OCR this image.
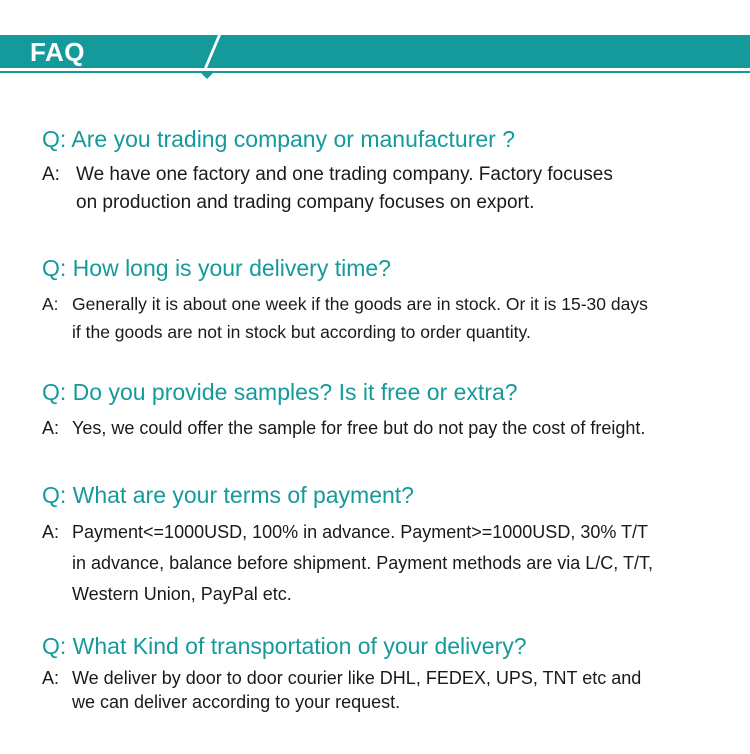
FAQ
Q: Are you trading company or manufacturer ?
A: We have one factory and one trading company. Factory focuses
on production and trading company focuses on export.
Q: How long is your delivery time?
A: Generally it is about one week if the goods are in stock. Or it is 15-30 days
if the goods are not in stock but according to order quantity.
Q: Do you provide samples? Is it free or extra?
A: Yes, we could offer the sample for free but do not pay the cost of freight.
Q: What are your terms of payment?
A: Payment<=1000USD, 100% in advance. Payment>=1000USD, 30% T/T
in advance, balance before shipment. Payment methods are via L/C, T/T,
Western Union, PayPal etc.
Q: What Kind of transportation of your delivery?
A: We deliver by door to door courier like DHL, FEDEX, UPS, TNT etc and
we can deliver according to your request.
